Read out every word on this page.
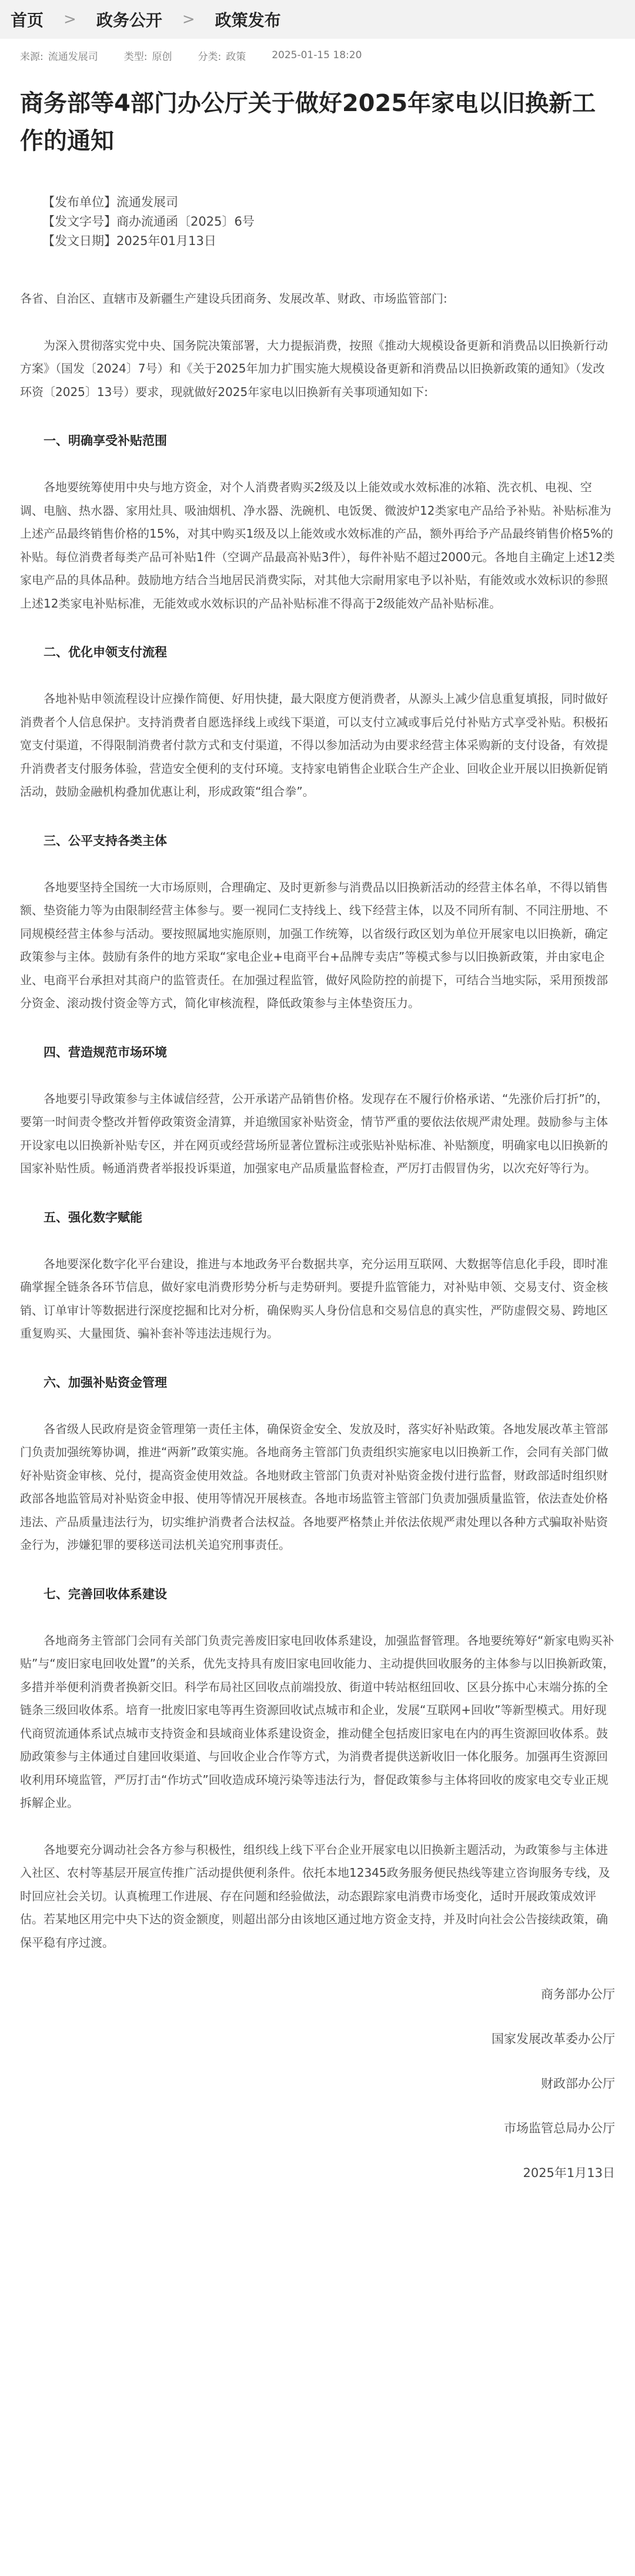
首页 > 政务公开 > 政策发布
来源: 流通发展司	类型: 原创	分类: 政策	2025-01-15 18:20
商务部等4部门办公厅关于做好2025年家电以旧换新工作的通知
【发布单位】 流通发展司
【发文字号】 商办流通函〔2025〕6号
【发文日期】 2025年01月13日

各省、自治区、直辖市及新疆生产建设兵团商务、发展改革、财政、市场监管部门:

为深入贯彻落实党中央、国务院决策部署，大力提振消费，按照《推动大规模设备更新和消费品以旧换新行动方案》（国发〔2024〕7号）和《关于2025年加力扩围实施大规模设备更新和消费品以旧换新政策的通知》（发改环资〔2025〕13号）要求，现就做好2025年家电以旧换新有关事项通知如下:

一、明确享受补贴范围

各地要统筹使用中央与地方资金，对个人消费者购买2级及以上能效或水效标准的冰箱、洗衣机、电视、空调、电脑、热水器、家用灶具、吸油烟机、净水器、洗碗机、电饭煲、微波炉12类家电产品给予补贴。补贴标准为上述产品最终销售价格的15%，对其中购买1级及以上能效或水效标准的产品，额外再给予产品最终销售价格5%的补贴。每位消费者每类产品可补贴1件（空调产品最高补贴3件），每件补贴不超过2000元。各地自主确定上述12类家电产品的具体品种。鼓励地方结合当地居民消费实际，对其他大宗耐用家电予以补贴，有能效或水效标识的参照上述12类家电补贴标准，无能效或水效标识的产品补贴标准不得高于2级能效产品补贴标准。

二、优化申领支付流程

各地补贴申领流程设计应操作简便、好用快捷，最大限度方便消费者，从源头上减少信息重复填报，同时做好消费者个人信息保护。支持消费者自愿选择线上或线下渠道，可以支付立减或事后兑付补贴方式享受补贴。积极拓宽支付渠道，不得限制消费者付款方式和支付渠道，不得以参加活动为由要求经营主体采购新的支付设备，有效提升消费者支付服务体验，营造安全便利的支付环境。支持家电销售企业联合生产企业、回收企业开展以旧换新促销活动，鼓励金融机构叠加优惠让利，形成政策“组合拳”。

三、公平支持各类主体

各地要坚持全国统一大市场原则，合理确定、及时更新参与消费品以旧换新活动的经营主体名单，不得以销售额、垫资能力等为由限制经营主体参与。要一视同仁支持线上、线下经营主体，以及不同所有制、不同注册地、不同规模经营主体参与活动。要按照属地实施原则，加强工作统筹，以省级行政区划为单位开展家电以旧换新，确定政策参与主体。鼓励有条件的地方采取“家电企业+电商平台+品牌专卖店”等模式参与以旧换新政策，并由家电企业、电商平台承担对其商户的监管责任。在加强过程监管，做好风险防控的前提下，可结合当地实际，采用预拨部分资金、滚动拨付资金等方式，简化审核流程，降低政策参与主体垫资压力。

四、营造规范市场环境

各地要引导政策参与主体诚信经营，公开承诺产品销售价格。发现存在不履行价格承诺、“先涨价后打折”的，要第一时间责令整改并暂停政策资金清算，并追缴国家补贴资金，情节严重的要依法依规严肃处理。鼓励参与主体开设家电以旧换新补贴专区，并在网页或经营场所显著位置标注或张贴补贴标准、补贴额度，明确家电以旧换新的国家补贴性质。畅通消费者举报投诉渠道，加强家电产品质量监督检查，严厉打击假冒伪劣，以次充好等行为。

五、强化数字赋能

各地要深化数字化平台建设，推进与本地政务平台数据共享，充分运用互联网、大数据等信息化手段，即时准确掌握全链条各环节信息，做好家电消费形势分析与走势研判。要提升监管能力，对补贴申领、交易支付、资金核销、订单审计等数据进行深度挖掘和比对分析，确保购买人身份信息和交易信息的真实性，严防虚假交易、跨地区重复购买、大量囤货、骗补套补等违法违规行为。

六、加强补贴资金管理

各省级人民政府是资金管理第一责任主体，确保资金安全、发放及时，落实好补贴政策。各地发展改革主管部门负责加强统筹协调，推进“两新”政策实施。各地商务主管部门负责组织实施家电以旧换新工作，会同有关部门做好补贴资金审核、兑付，提高资金使用效益。各地财政主管部门负责对补贴资金拨付进行监督，财政部适时组织财政部各地监管局对补贴资金申报、使用等情况开展核查。各地市场监管主管部门负责加强质量监管，依法查处价格违法、产品质量违法行为，切实维护消费者合法权益。各地要严格禁止并依法依规严肃处理以各种方式骗取补贴资金行为，涉嫌犯罪的要移送司法机关追究刑事责任。

七、完善回收体系建设

各地商务主管部门会同有关部门负责完善废旧家电回收体系建设，加强监督管理。各地要统筹好“新家电购买补贴”与“废旧家电回收处置”的关系，优先支持具有废旧家电回收能力、主动提供回收服务的主体参与以旧换新政策，多措并举便利消费者换新交旧。科学布局社区回收点前端投放、街道中转站枢纽回收、区县分拣中心末端分拣的全链条三级回收体系。培育一批废旧家电等再生资源回收试点城市和企业，发展“互联网+回收”等新型模式。用好现代商贸流通体系试点城市支持资金和县域商业体系建设资金，推动健全包括废旧家电在内的再生资源回收体系。鼓励政策参与主体通过自建回收渠道、与回收企业合作等方式，为消费者提供送新收旧一体化服务。加强再生资源回收利用环境监管，严厉打击“作坊式”回收造成环境污染等违法行为，督促政策参与主体将回收的废家电交专业正规拆解企业。

各地要充分调动社会各方参与积极性，组织线上线下平台企业开展家电以旧换新主题活动，为政策参与主体进入社区、农村等基层开展宣传推广活动提供便利条件。依托本地12345政务服务便民热线等建立咨询服务专线，及时回应社会关切。认真梳理工作进展、存在问题和经验做法，动态跟踪家电消费市场变化，适时开展政策成效评估。若某地区用完中央下达的资金额度，则超出部分由该地区通过地方资金支持，并及时向社会公告接续政策，确保平稳有序过渡。

商务部办公厅
国家发展改革委办公厅
财政部办公厅
市场监管总局办公厅
2025年1月13日
